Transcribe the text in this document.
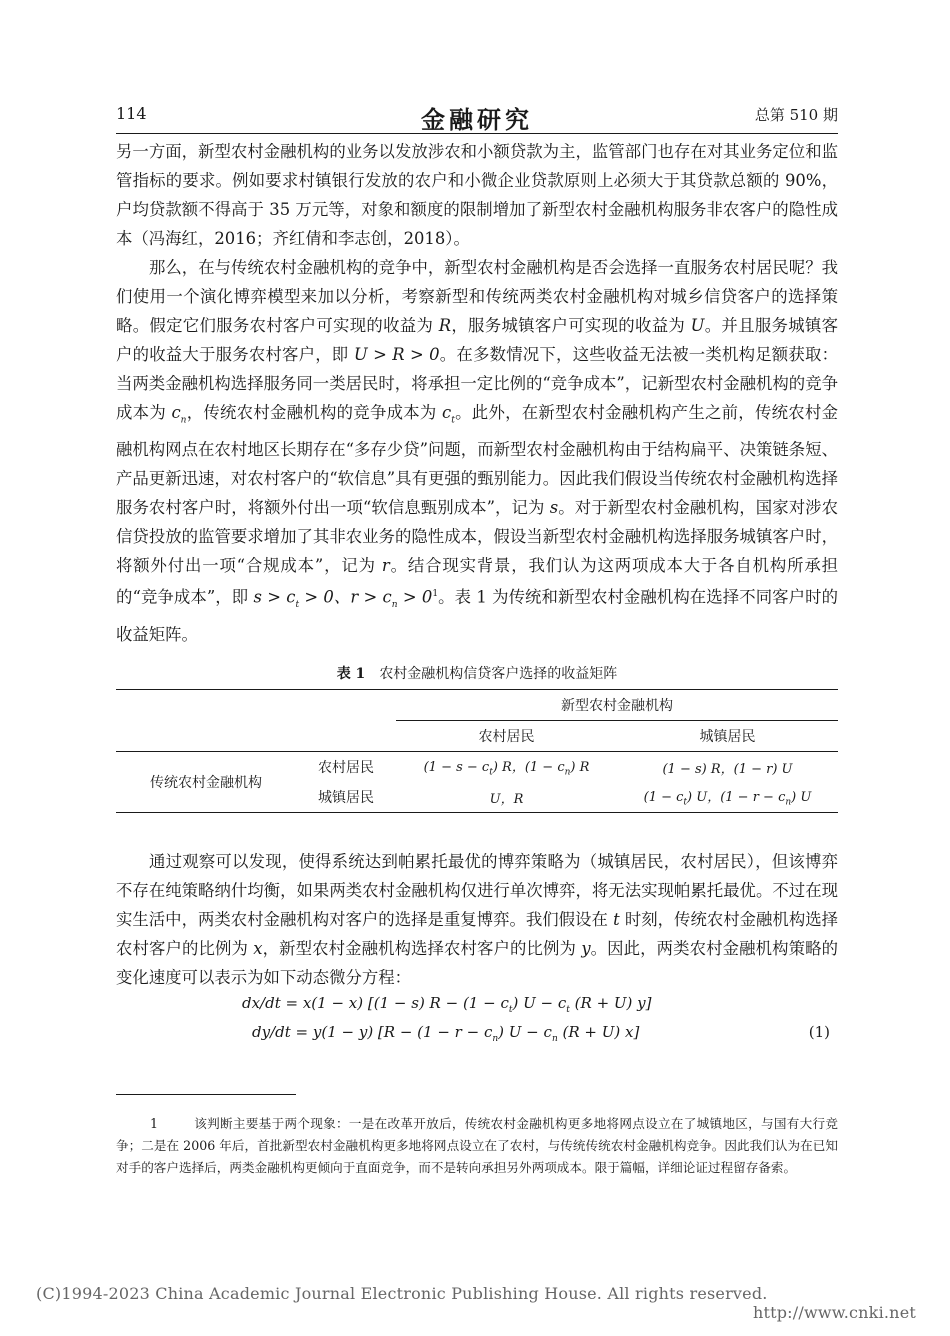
114	金融研究	总第 510 期

另一方面，新型农村金融机构的业务以发放涉农和小额贷款为主，监管部门也存在对其业务定位和监管指标的要求。例如要求村镇银行发放的农户和小微企业贷款原则上必须大于其贷款总额的 90%，户均贷款额不得高于 35 万元等，对象和额度的限制增加了新型农村金融机构服务非农客户的隐性成本（冯海红，2016；齐红倩和李志创，2018）。

那么，在与传统农村金融机构的竞争中，新型农村金融机构是否会选择一直服务农村居民呢？我们使用一个演化博弈模型来加以分析，考察新型和传统两类农村金融机构对城乡信贷客户的选择策略。假定它们服务农村客户可实现的收益为 R，服务城镇客户可实现的收益为 U。并且服务城镇客户的收益大于服务农村客户，即 U > R > 0。在多数情况下，这些收益无法被一类机构足额获取：当两类金融机构选择服务同一类居民时，将承担一定比例的“竞争成本”，记新型农村金融机构的竞争成本为 $c_n$，传统农村金融机构的竞争成本为 $c_t$。此外，在新型农村金融机构产生之前，传统农村金融机构网点在农村地区长期存在“多存少贷”问题，而新型农村金融机构由于结构扁平、决策链条短、产品更新迅速，对农村客户的“软信息”具有更强的甄别能力。因此我们假设当传统农村金融机构选择服务农村客户时，将额外付出一项“软信息甄别成本”，记为 s。对于新型农村金融机构，国家对涉农信贷投放的监管要求增加了其非农业务的隐性成本，假设当新型农村金融机构选择服务城镇客户时，将额外付出一项“合规成本”，记为 r。结合现实背景，我们认为这两项成本大于各自机构所承担的“竞争成本”，即 $s > c_t > 0$、$r > c_n > 0^1$。表 1 为传统和新型农村金融机构在选择不同客户时的收益矩阵。

表 1 农村金融机构信贷客户选择的收益矩阵
		新型农村金融机构	
		农村居民	城镇居民
传统农村金融机构	农村居民	$(1 - s - c_t)$ R，$(1 - c_n)$ R	(1 − s) R，(1 − r) U
	城镇居民	U，R	$(1 - c_t)$ U，$(1 - r - c_n)$ U

通过观察可以发现，使得系统达到帕累托最优的博弈策略为（城镇居民，农村居民），但该博弈不存在纯策略纳什均衡，如果两类农村金融机构仅进行单次博弈，将无法实现帕累托最优。不过在现实生活中，两类农村金融机构对客户的选择是重复博弈。我们假设在 t 时刻，传统农村金融机构选择农村客户的比例为 x，新型农村金融机构选择农村客户的比例为 y。因此，两类农村金融机构策略的变化速度可以表示为如下动态微分方程：

dx/dt = x(1 − x) [(1 − s) $R - (1 - c_t)$ $U - c_t$ (R + U) y]
dy/dt = y(1 − y) [$R - (1 - r - c_n)$ $U - c_n$ (R + U) x]	(1)
1	该判断主要基于两个现象：一是在改革开放后，传统农村金融机构更多地将网点设立在了城镇地区，与国有大行竞争；二是在 2006 年后，首批新型农村金融机构更多地将网点设立在了农村，与传统传统农村金融机构竞争。因此我们认为在已知对手的客户选择后，两类金融机构更倾向于直面竞争，而不是转向承担另外两项成本。限于篇幅，详细论证过程留存备索。
(C)1994-2023 China Academic Journal Electronic Publishing House. All rights reserved.
http://www.cnki.net
